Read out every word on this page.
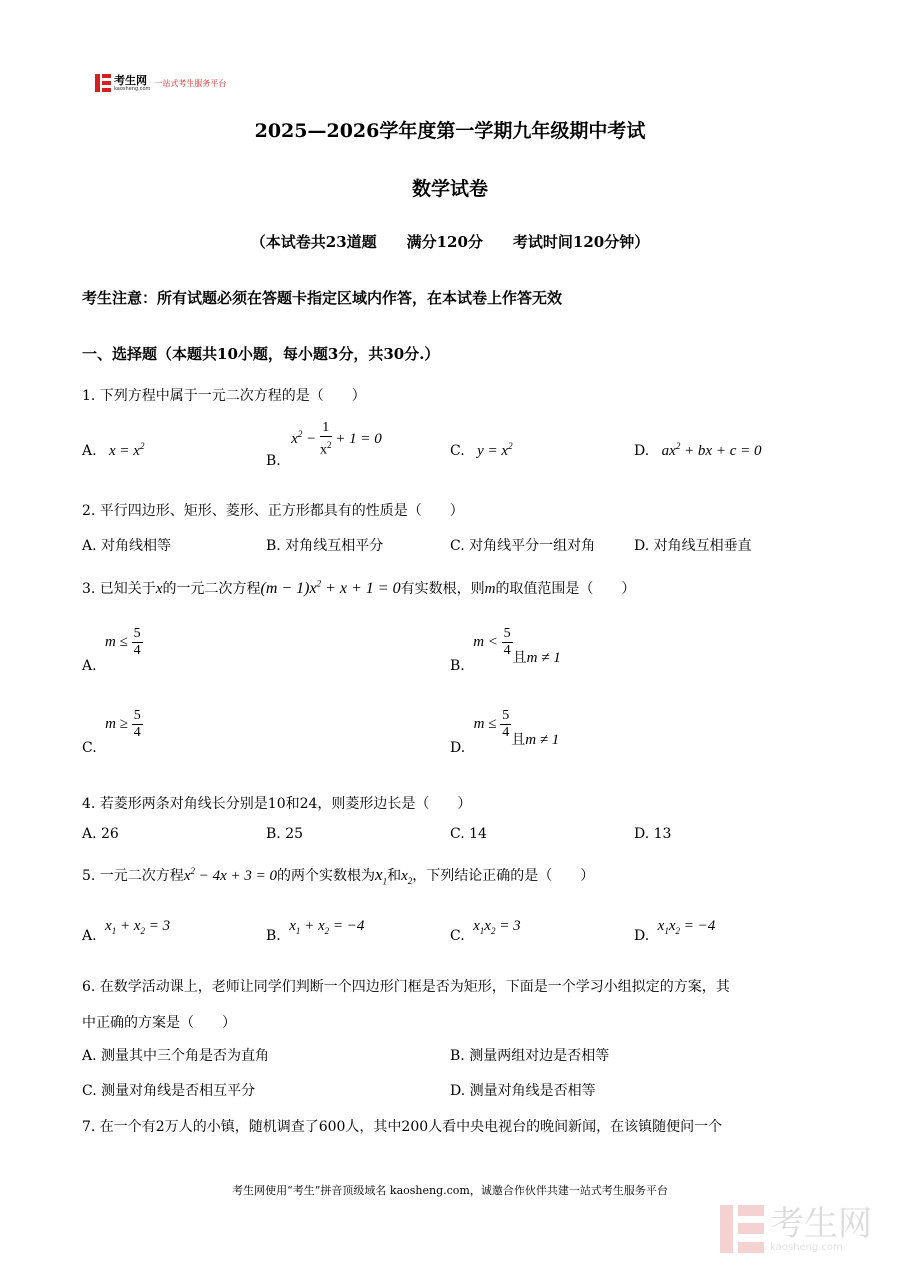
考生网
kaosheng.com
一站式考生服务平台
2025—2026学年度第一学期九年级期中考试
数学试卷
（本试卷共23道题　　满分120分　　考试时间120分钟）
考生注意：所有试题必须在答题卡指定区域内作答，在本试卷上作答无效
一、选择题（本题共10小题，每小题3分，共30分.）
1. 下列方程中属于一元二次方程的是（　　）
A. $x = x^2$
B. $x^2 - \frac{1}{x^2} + 1 = 0$
C. $y = x^2$	D. $ax^2$ + bx + c = 0
2. 平行四边形、矩形、菱形、正方形都具有的性质是（　　）
A. 对角线相等	B. 对角线互相平分	C. 对角线平分一组对角	D. 对角线互相垂直
3. 已知关于x的一元二次方程$(m - 1)x^2 + x + 1 = 0$有实数根，则m的取值范围是（　　）
A. $m \le \frac{5}{4}$
B. $m < \frac{5}{4}$ 且m ≠ 1
C. $m \ge \frac{5}{4}$
D. $m \le \frac{5}{4}$ 且m ≠ 1
4. 若菱形两条对角线长分别是10和24，则菱形边长是（　　）
A. 26	B. 25	C. 14	D. 13
5. 一元二次方程$x^2 - 4x + 3 = 0$的两个实数根为$x_1$和$x_2$，下列结论正确的是（　　）
A. $x_1 + x_2 = 3$
B. $x_1 + x_2 = -4$
C. $x_1x_2 = 3$
D. $x_1x_2 = -4$
6. 在数学活动课上，老师让同学们判断一个四边形门框是否为矩形，下面是一个学习小组拟定的方案，其
中正确的方案是（　　）
A. 测量其中三个角是否为直角	B. 测量两组对边是否相等
C. 测量对角线是否相互平分	D. 测量对角线是否相等
7. 在一个有2万人的小镇，随机调查了600人，其中200人看中央电视台的晚间新闻，在该镇随便问一个
考生网使用“考生”拼音顶级域名 kaosheng.com，诚邀合作伙伴共建一站式考生服务平台
考生网
kaosheng.com
